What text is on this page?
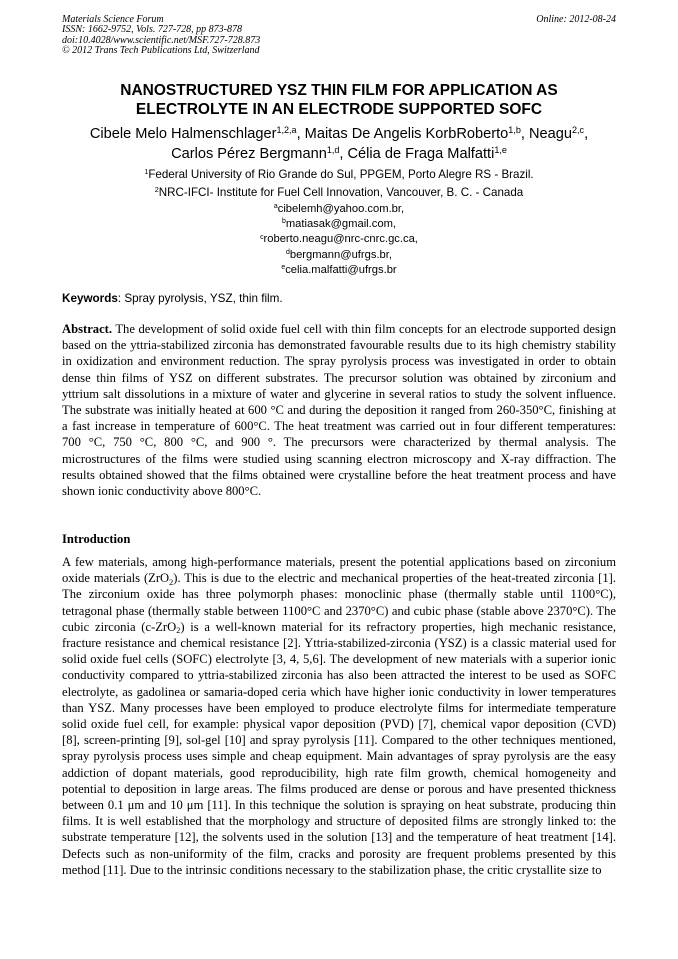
Materials Science Forum
ISSN: 1662-9752, Vols. 727-728, pp 873-878
doi:10.4028/www.scientific.net/MSF.727-728.873
© 2012 Trans Tech Publications Ltd, Switzerland
Online: 2012-08-24
NANOSTRUCTURED YSZ THIN FILM FOR APPLICATION AS
ELECTROLYTE IN AN ELECTRODE SUPPORTED SOFC
Cibele Melo Halmenschlager$^{1,2,a}$, Maitas De Angelis KorbRoberto$^{1,b}$, Neagu$^{2,c}$,
Carlos Pérez Bergmann$^{1,d}$, Célia de Fraga Malfatti$^{1,e}$
$^1$Federal University of Rio Grande do Sul, PPGEM, Porto Alegre RS - Brazil.
$^2$NRC-IFCI- Institute for Fuel Cell Innovation, Vancouver, B. C. - Canada
$^a$cibelemh@yahoo.com.br,
$^b$matiasak@gmail.com,
$^c$roberto.neagu@nrc-cnrc.gc.ca,
$^d$bergmann@ufrgs.br,
$^e$celia.malfatti@ufrgs.br
Keywords: Spray pyrolysis, YSZ, thin film.
Abstract. The development of solid oxide fuel cell with thin film concepts for an electrode supported design based on the yttria-stabilized zirconia has demonstrated favourable results due to its high chemistry stability in oxidization and environment reduction. The spray pyrolysis process was investigated in order to obtain dense thin films of YSZ on different substrates. The precursor solution was obtained by zirconium and yttrium salt dissolutions in a mixture of water and glycerine in several ratios to study the solvent influence. The substrate was initially heated at 600 °C and during the deposition it ranged from 260-350°C, finishing at a fast increase in temperature of 600°C. The heat treatment was carried out in four different temperatures: 700 °C, 750 °C, 800 °C, and 900 °. The precursors were characterized by thermal analysis. The microstructures of the films were studied using scanning electron microscopy and X-ray diffraction. The results obtained showed that the films obtained were crystalline before the heat treatment process and have shown ionic conductivity above 800°C.
Introduction
A few materials, among high-performance materials, present the potential applications based on zirconium oxide materials (ZrO$_2$). This is due to the electric and mechanical properties of the heat-treated zirconia [1]. The zirconium oxide has three polymorph phases: monoclinic phase (thermally stable until 1100°C), tetragonal phase (thermally stable between 1100°C and 2370°C) and cubic phase (stable above 2370°C). The cubic zirconia (c-ZrO$_2$) is a well-known material for its refractory properties, high mechanic resistance, fracture resistance and chemical resistance [2]. Yttria-stabilized-zirconia (YSZ) is a classic material used for solid oxide fuel cells (SOFC) electrolyte [3, 4, 5,6]. The development of new materials with a superior ionic conductivity compared to yttria-stabilized zirconia has also been attracted the interest to be used as SOFC electrolyte, as gadolinea or samaria-doped ceria which have higher ionic conductivity in lower temperatures than YSZ. Many processes have been employed to produce electrolyte films for intermediate temperature solid oxide fuel cell, for example: physical vapor deposition (PVD) [7], chemical vapor deposition (CVD) [8], screen-printing [9], sol-gel [10] and spray pyrolysis [11]. Compared to the other techniques mentioned, spray pyrolysis process uses simple and cheap equipment. Main advantages of spray pyrolysis are the easy addiction of dopant materials, good reproducibility, high rate film growth, chemical homogeneity and potential to deposition in large areas. The films produced are dense or porous and have presented thickness between 0.1 μm and 10 μm [11]. In this technique the solution is spraying on heat substrate, producing thin films. It is well established that the morphology and structure of deposited films are strongly linked to: the substrate temperature [12], the solvents used in the solution [13] and the temperature of heat treatment [14]. Defects such as non-uniformity of the film, cracks and porosity are frequent problems presented by this method [11]. Due to the intrinsic conditions necessary to the stabilization phase, the critic crystallite size to
